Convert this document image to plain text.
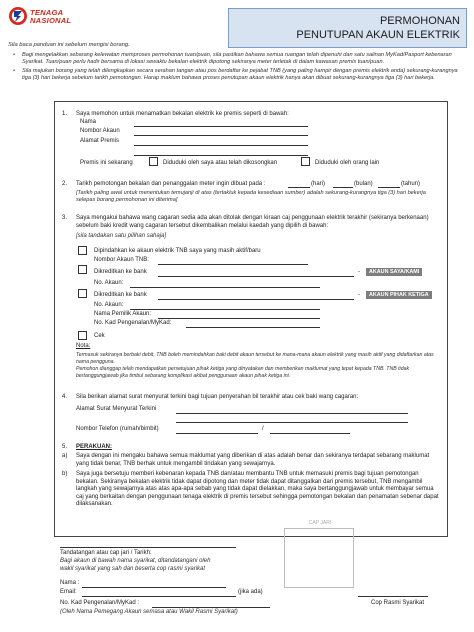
TENAGA
NASIONAL	PERMOHONAN
PENUTUPAN AKAUN ELEKTRIK
Sila baca panduan ini sebelum mengisi borang.
• Bagi mengelakkan sebarang kelewatan memproses permohonan tuan/puan, sila pastikan bahawa semua ruangan telah dipenuhi dan satu salinan MyKad/Pasport kebenaran Syarikat. Tuan/puan perlu hadir bersama di lokasi sewaktu bekalan elektrik dipotong sekiranya meter terletak di dalam kawasan premis tuan/puan.
• Sila majukan borang yang telah dilengkapkan secara serahan tangan atau pos berdaftar ke pejabat TNB (yang paling hampir dengan premis elektrik anda) sekurang-kurangnya tiga (3) hari bekerja sebelum tarikh pemotongan. Harap maklum bahawa proses penutupan akaun elektrik hanya akan dibuat sekurang-kurangnya tiga (3) hari bekerja.
1. Saya memohon untuk menamatkan bekalan elektrik ke premis seperti di bawah:
Nama
Nombor Akaun
Alamat Premis
Premis ini sekarang	Diduduki oleh saya atau telah dikosongkan	Diduduki oleh orang lain
2. Tarikh pemotongan bekalan dan penanggalan meter ingin dibuat pada :	(hari)	(bulan)	(tahun)
[Tarikh paling awal untuk menentukan temujanji di atas (tertakluk kepada kesediaan sumber) adalah sekurang-kurangnya tiga (3) hari bekerja selepas borang permohonan ini diterima]
3. Saya mengakui bahawa wang cagaran sedia ada akan ditolak dengan kiraan caj penggunaan elektrik terakhir (sekiranya berkenaan) sebelum baki kredit wang cagaran tersebut dikembalikan melalui kaedah yang dipilih di bawah:
[sila tandakan satu pilihan sahaja]
Dipindahkan ke akaun elektrik TNB saya yang masih aktif/baru
Nombor Akaun TNB:
Dikreditkan ke bank	-	AKAUN SAYA/KAMI
No. Akaun:
Dikreditkan ke bank	-	AKAUN PIHAK KETIGA
No. Akaun:
Nama Pemilik Akaun:
No. Kad Pengenalan/MyKad:
Cek
Nota:
Termasuk sekiranya berbaki debit, TNB boleh memindahkan baki debit akaun tersebut ke mana-mana akaun elektrik yang masih aktif yang didaftarkan atas nama pengguna.
Pemohon dianggap telah mendapatkan persetujuan pihak ketiga yang dinyatakan dan memberikan maklumat yang tepat kepada TNB. TNB tidak bertanggungjawab jika timbul sebarang komplikasi akibat penggunaan akaun pihak ketiga ini.
4. Sila berikan alamat surat menyurat terkini bagi tujuan penyerahan bil terakhir atau cek baki wang cagaran:
Alamat Surat Menyurat Terkini
Nombor Telefon (rumah/bimbit)	/
5. PERAKUAN:
a) Saya dengan ini mengaku bahawa semua maklumat yang diberikan di atas adalah benar dan sekiranya terdapat sebarang maklumat yang tidak benar, TNB berhak untuk mengambil tindakan yang sewajarnya.
b) Saya juga bersetuju memberi kebenaran kepada TNB dan/atau membantu TNB untuk memasuki premis bagi tujuan pemotongan bekalan. Sekiranya bekalan elektrik tidak dapat dipotong dan meter tidak dapat ditanggalkan dari premis tersebut, TNB mengambil langkah yang sewajarnya atas atas apa-apa sebab yang tidak dapat dielakkan, maka saya bertanggungjawab untuk membayar semua caj yang berkaitan dengan penggunaan tenaga elektrik di premis tersebut sehingga pemotongan bekalan dan penamatan sebenar dapat dilaksanakan.
CAP JARI
Tandatangan atau cap jari / Tarikh:
Bagi akaun di bawah nama syarikat, ditandatangani oleh
wakil syarikat yang sah dan beserta cop rasmi syarikat
Nama :
Email:	(jika ada)
No. Kad Pengenalan/MyKad :
(Oleh Nama Pemegang Akaun semasa atau Wakil Rasmi Syarikat)
Cop Rasmi Syarikat
